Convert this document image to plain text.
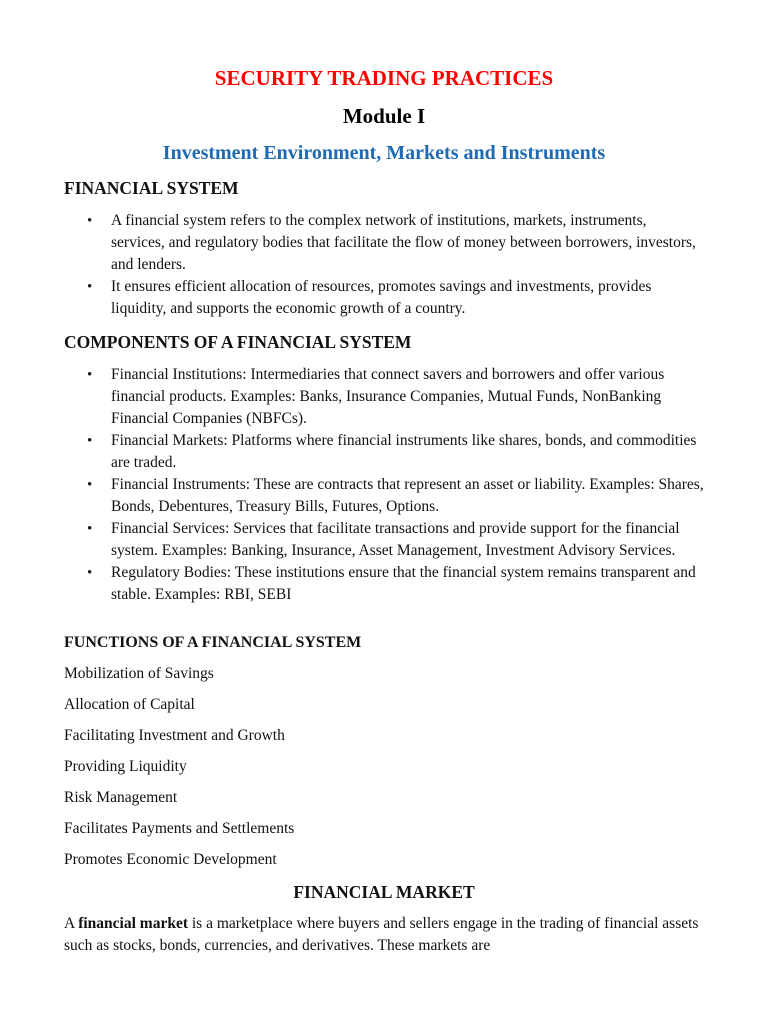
SECURITY TRADING PRACTICES
Module I
Investment Environment, Markets and Instruments
FINANCIAL SYSTEM
• A financial system refers to the complex network of institutions, markets, instruments, services, and regulatory bodies that facilitate the flow of money between borrowers, investors, and lenders.
• It ensures efficient allocation of resources, promotes savings and investments, provides liquidity, and supports the economic growth of a country.
COMPONENTS OF A FINANCIAL SYSTEM
• Financial Institutions: Intermediaries that connect savers and borrowers and offer various financial products. Examples: Banks, Insurance Companies, Mutual Funds, NonBanking Financial Companies (NBFCs).
• Financial Markets: Platforms where financial instruments like shares, bonds, and commodities are traded.
• Financial Instruments: These are contracts that represent an asset or liability. Examples: Shares, Bonds, Debentures, Treasury Bills, Futures, Options.
• Financial Services: Services that facilitate transactions and provide support for the financial system. Examples: Banking, Insurance, Asset Management, Investment Advisory Services.
• Regulatory Bodies: These institutions ensure that the financial system remains transparent and stable. Examples: RBI, SEBI
FUNCTIONS OF A FINANCIAL SYSTEM

Mobilization of Savings

Allocation of Capital

Facilitating Investment and Growth

Providing Liquidity

Risk Management

Facilitates Payments and Settlements

Promotes Economic Development

FINANCIAL MARKET

A financial market is a marketplace where buyers and sellers engage in the trading of financial assets such as stocks, bonds, currencies, and derivatives. These markets are
